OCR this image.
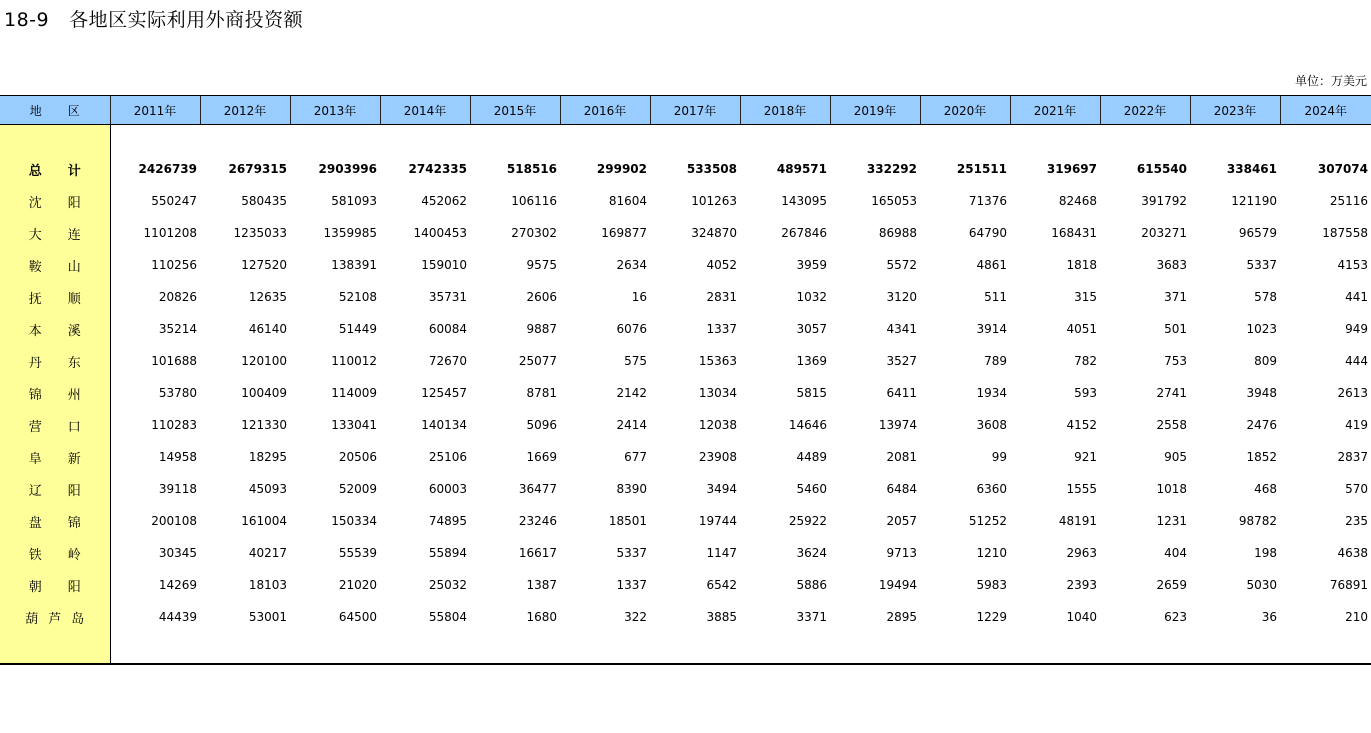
18-9 各地区实际利用外商投资额
单位：万美元
地区	2011年	2012年	2013年	2014年	2015年	2016年	2017年	2018年	2019年	2020年	2021年	2022年	2023年	2024年

总计	2426739	2679315	2903996	2742335	518516	299902	533508	489571	332292	251511	319697	615540	338461	307074
沈阳	550247	580435	581093	452062	106116	81604	101263	143095	165053	71376	82468	391792	121190	25116
大连	1101208	1235033	1359985	1400453	270302	169877	324870	267846	86988	64790	168431	203271	96579	187558
鞍山	110256	127520	138391	159010	9575	2634	4052	3959	5572	4861	1818	3683	5337	4153
抚顺	20826	12635	52108	35731	2606	16	2831	1032	3120	511	315	371	578	441
本溪	35214	46140	51449	60084	9887	6076	1337	3057	4341	3914	4051	501	1023	949
丹东	101688	120100	110012	72670	25077	575	15363	1369	3527	789	782	753	809	444
锦州	53780	100409	114009	125457	8781	2142	13034	5815	6411	1934	593	2741	3948	2613
营口	110283	121330	133041	140134	5096	2414	12038	14646	13974	3608	4152	2558	2476	419
阜新	14958	18295	20506	25106	1669	677	23908	4489	2081	99	921	905	1852	2837
辽阳	39118	45093	52009	60003	36477	8390	3494	5460	6484	6360	1555	1018	468	570
盘锦	200108	161004	150334	74895	23246	18501	19744	25922	2057	51252	48191	1231	98782	235
铁岭	30345	40217	55539	55894	16617	5337	1147	3624	9713	1210	2963	404	198	4638
朝阳	14269	18103	21020	25032	1387	1337	6542	5886	19494	5983	2393	2659	5030	76891
葫芦岛	44439	53001	64500	55804	1680	322	3885	3371	2895	1229	1040	623	36	210
